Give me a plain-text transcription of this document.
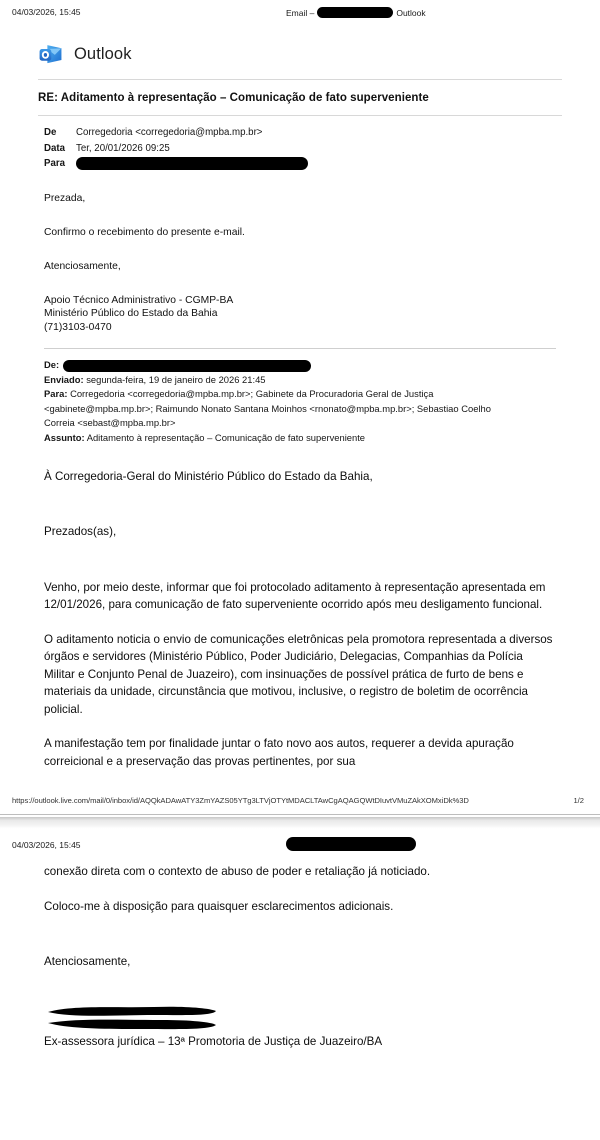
04/03/2026, 15:45	Email –	Outlook
Outlook
RE: Aditamento à representação – Comunicação de fato superveniente
De	Corregedoria <corregedoria@mpba.mp.br>
Data	Ter, 20/01/2026 09:25
Para

Prezada,

Confirmo o recebimento do presente e-mail.

Atenciosamente,

Apoio Técnico Administrativo - CGMP-BA
Ministério Público do Estado da Bahia
(71)3103-0470
De:
Enviado: segunda-feira, 19 de janeiro de 2026 21:45
Para: Corregedoria <corregedoria@mpba.mp.br>; Gabinete da Procuradoria Geral de Justiça
<gabinete@mpba.mp.br>; Raimundo Nonato Santana Moinhos <rnonato@mpba.mp.br>; Sebastiao Coelho
Correia <sebast@mpba.mp.br>
Assunto: Aditamento à representação – Comunicação de fato superveniente

À Corregedoria-Geral do Ministério Público do Estado da Bahia,

Prezados(as),

Venho, por meio deste, informar que foi protocolado aditamento à representação apresentada em 12/01/2026, para comunicação de fato superveniente ocorrido após meu desligamento funcional.

O aditamento noticia o envio de comunicações eletrônicas pela promotora representada a diversos órgãos e servidores (Ministério Público, Poder Judiciário, Delegacias, Companhias da Polícia Militar e Conjunto Penal de Juazeiro), com insinuações de possível prática de furto de bens e materiais da unidade, circunstância que motivou, inclusive, o registro de boletim de ocorrência policial.

A manifestação tem por finalidade juntar o fato novo aos autos, requerer a devida apuração correicional e a preservação das provas pertinentes, por sua

https://outlook.live.com/mail/0/inbox/id/AQQkADAwATY3ZmYAZS05YTg3LTVjOTYtMDACLTAwCgAQAGQWtDIuvtVMuZAkXOMxiDk%3D	1/2
04/03/2026, 15:45

conexão direta com o contexto de abuso de poder e retaliação já noticiado.

Coloco-me à disposição para quaisquer esclarecimentos adicionais.

Atenciosamente,

Ex-assessora jurídica – 13ª Promotoria de Justiça de Juazeiro/BA
